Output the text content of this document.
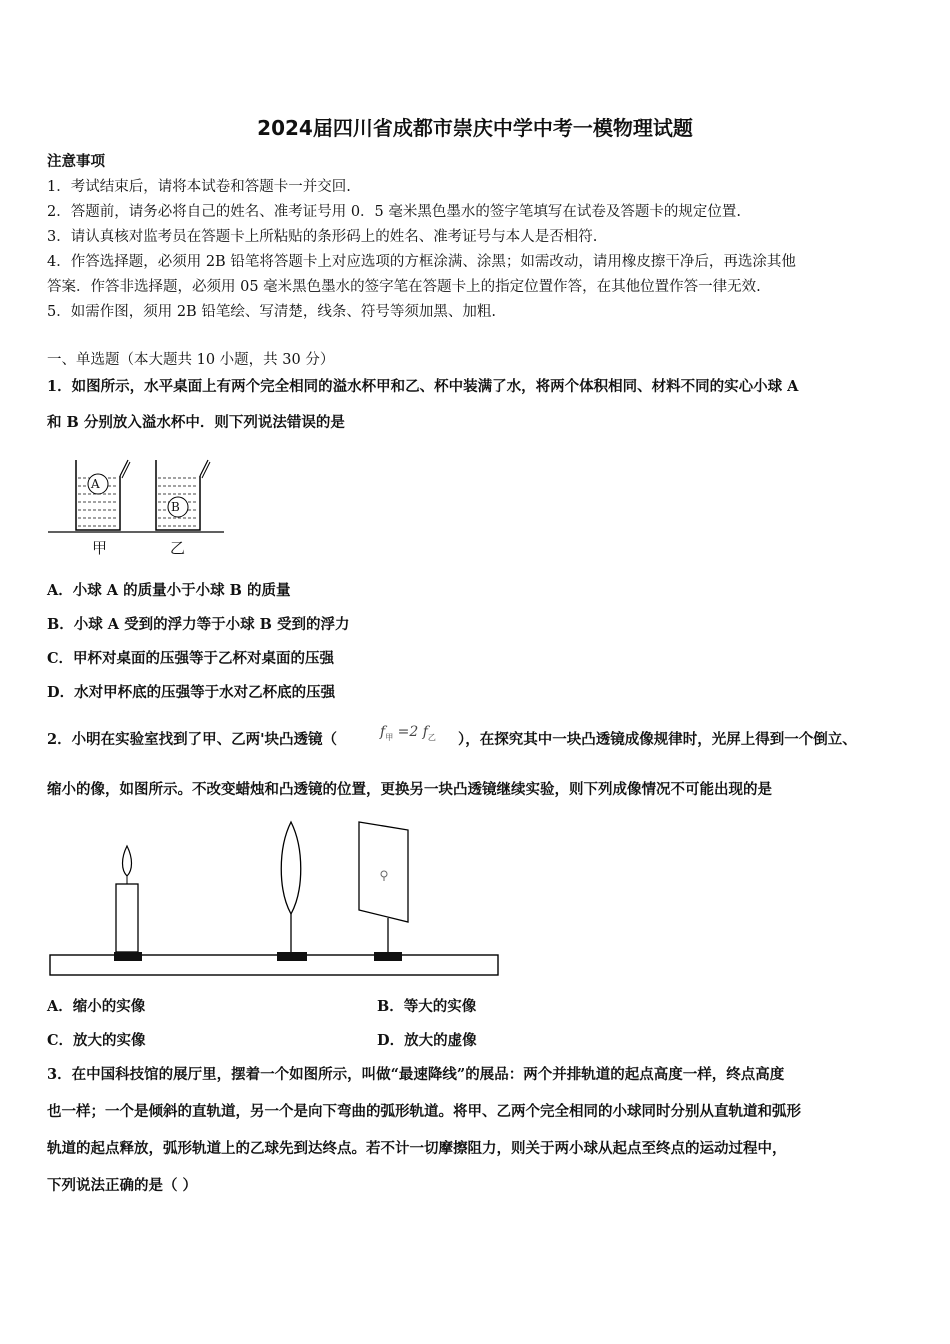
2024届四川省成都市崇庆中学中考一模物理试题
注意事项
1．考试结束后，请将本试卷和答题卡一并交回.
2．答题前，请务必将自己的姓名、准考证号用 0．5 毫米黑色墨水的签字笔填写在试卷及答题卡的规定位置.
3．请认真核对监考员在答题卡上所粘贴的条形码上的姓名、准考证号与本人是否相符.
4．作答选择题，必须用 2B 铅笔将答题卡上对应选项的方框涂满、涂黑；如需改动，请用橡皮擦干净后，再选涂其他
答案．作答非选择题，必须用 05 毫米黑色墨水的签字笔在答题卡上的指定位置作答，在其他位置作答一律无效.
5．如需作图，须用 2B 铅笔绘、写清楚，线条、符号等须加黑、加粗.
一、单选题（本大题共 10 小题，共 30 分）
1．如图所示，水平桌面上有两个完全相同的溢水杯甲和乙、杯中装满了水，将两个体积相同、材料不同的实心小球 A
和 B 分别放入溢水杯中．则下列说法错误的是
A
B
甲	乙
A．小球 A 的质量小于小球 B 的质量
B．小球 A 受到的浮力等于小球 B 受到的浮力
C．甲杯对桌面的压强等于乙杯对桌面的压强
D．水对甲杯底的压强等于水对乙杯底的压强
2．小明在实验室找到了甲、乙两'块凸透镜（	$f_甲 =2$ $f_乙$ ），在探究其中一块凸透镜成像规律时，光屏上得到一个倒立、
缩小的像，如图所示。不改变蜡烛和凸透镜的位置，更换另一块凸透镜继续实验，则下列成像情况不可能出现的是
A．缩小的实像	B．等大的实像
C．放大的实像	D．放大的虚像
3．在中国科技馆的展厅里，摆着一个如图所示，叫做“最速降线”的展品：两个并排轨道的起点高度一样，终点高度
也一样；一个是倾斜的直轨道，另一个是向下弯曲的弧形轨道。将甲、乙两个完全相同的小球同时分别从直轨道和弧形
轨道的起点释放，弧形轨道上的乙球先到达终点。若不计一切摩擦阻力，则关于两小球从起点至终点的运动过程中，
下列说法正确的是（ ）
